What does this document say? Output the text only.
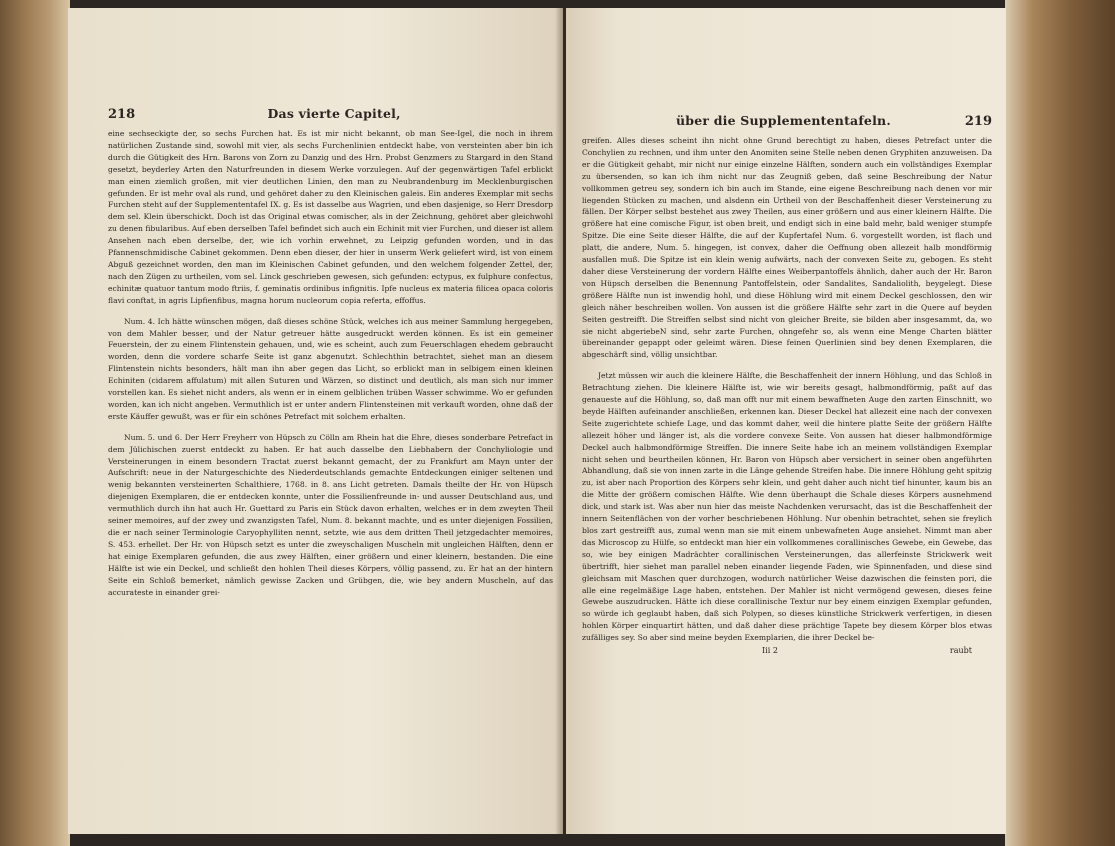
218	Das vierte Capitel,

eine sechseckigte der, so sechs Furchen hat. Es ist mir nicht bekannt, ob man See-Igel, die noch in ihrem natürlichen Zustande sind, sowohl mit vier, als sechs Furchenlinien entdeckt habe, von versteinten aber bin ich durch die Gütigkeit des Hrn. Barons von Zorn zu Danzig und des Hrn. Probst Genzmers zu Stargard in den Stand gesetzt, beyderley Arten den Naturfreunden in diesem Werke vorzulegen. Auf der gegenwärtigen Tafel erblickt man einen ziemlich großen, mit vier deutlichen Linien, den man zu Neubrandenburg im Mecklenburgischen gefunden. Er ist mehr oval als rund, und gehöret daher zu den Kleinischen galeis. Ein anderes Exemplar mit sechs Furchen steht auf der Supplemententafel IX. g. Es ist dasselbe aus Wagrien, und eben dasjenige, so Herr Dresdorp dem sel. Klein überschickt. Doch ist das Original etwas comischer, als in der Zeichnung, gehöret aber gleichwohl zu denen fibularibus. Auf eben derselben Tafel befindet sich auch ein Echinit mit vier Furchen, und dieser ist allem Ansehen nach eben derselbe, der, wie ich vorhin erwehnet, zu Leipzig gefunden worden, und in das Pfannenschmidische Cabinet gekommen. Denn eben dieser, der hier in unserm Werk geliefert wird, ist von einem Abguß gezeichnet worden, den man im Kleinischen Cabinet gefunden, und den welchem folgender Zettel, der, nach den Zügen zu urtheilen, vom sel. Linck geschrieben gewesen, sich gefunden: ectypus, ex fulphure confectus, echinitæ quatuor tantum modo ftriis, f. geminatis ordinibus infignitis. Ipfe nucleus ex materia filicea opaca coloris flavi conftat, in agris Lipfienfibus, magna horum nucleorum copia referta, effoffus.

Num. 4. Ich hätte wünschen mögen, daß dieses schöne Stück, welches ich aus meiner Sammlung hergegeben, von dem Mahler besser, und der Natur getreuer hätte ausgedruckt werden können. Es ist ein gemeiner Feuerstein, der zu einem Flintenstein gehauen, und, wie es scheint, auch zum Feuerschlagen ehedem gebraucht worden, denn die vordere scharfe Seite ist ganz abgenutzt. Schlechthin betrachtet, siehet man an diesem Flintenstein nichts besonders, hält man ihn aber gegen das Licht, so erblickt man in selbigem einen kleinen Echiniten (cidarem affulatum) mit allen Suturen und Wärzen, so distinct und deutlich, als man sich nur immer vorstellen kan. Es siehet nicht anders, als wenn er in einem gelblichen trüben Wasser schwimme. Wo er gefunden worden, kan ich nicht angeben. Vermuthlich ist er unter andern Flintensteinen mit verkauft worden, ohne daß der erste Käuffer gewußt, was er für ein schönes Petrefact mit solchem erhalten.

Num. 5. und 6. Der Herr Freyherr von Hüpsch zu Cölln am Rhein hat die Ehre, dieses sonderbare Petrefact in dem Jülichischen zuerst entdeckt zu haben. Er hat auch dasselbe den Liebhabern der Conchyliologie und Versteinerungen in einem besondern Tractat zuerst bekannt gemacht, der zu Frankfurt am Mayn unter der Aufschrift: neue in der Naturgeschichte des Niederdeutschlands gemachte Entdeckungen einiger seltenen und wenig bekannten versteinerten Schalthiere, 1768. in 8. ans Licht getreten. Damals theilte der Hr. von Hüpsch diejenigen Exemplaren, die er entdecken konnte, unter die Fossilienfreunde in- und ausser Deutschland aus, und vermuthlich durch ihn hat auch Hr. Guettard zu Paris ein Stück davon erhalten, welches er in dem zweyten Theil seiner memoires, auf der zwey und zwanzigsten Tafel, Num. 8. bekannt machte, und es unter diejenigen Fossilien, die er nach seiner Terminologie Caryophylliten nennt, setzte, wie aus dem dritten Theil jetzgedachter memoires, S. 453. erhellet. Der Hr. von Hüpsch setzt es unter die zweyschaligen Muscheln mit ungleichen Hälften, denn er hat einige Exemplaren gefunden, die aus zwey Hälften, einer größern und einer kleinern, bestanden. Die eine Hälfte ist wie ein Deckel, und schließt den hohlen Theil dieses Körpers, völlig passend, zu. Er hat an der hintern Seite ein Schloß bemerket, nämlich gewisse Zacken und Grübgen, die, wie bey andern Muscheln, auf das accurateste in einander grei-

über die Supplemententafeln.	219

greifen. Alles dieses scheint ihn nicht ohne Grund berechtigt zu haben, dieses Petrefact unter die Conchylien zu rechnen, und ihm unter den Anomiten seine Stelle neben denen Gryphiten anzuweisen. Da er die Gütigkeit gehabt, mir nicht nur einige einzelne Hälften, sondern auch ein vollständiges Exemplar zu übersenden, so kan ich ihm nicht nur das Zeugniß geben, daß seine Beschreibung der Natur vollkommen getreu sey, sondern ich bin auch im Stande, eine eigene Beschreibung nach denen vor mir liegenden Stücken zu machen, und alsdenn ein Urtheil von der Beschaffenheit dieser Versteinerung zu fällen. Der Körper selbst bestehet aus zwey Theilen, aus einer größern und aus einer kleinern Hälfte. Die größere hat eine comische Figur, ist oben breit, und endigt sich in eine bald mehr, bald weniger stumpfe Spitze. Die eine Seite dieser Hälfte, die auf der Kupfertafel Num. 6. vorgestellt worden, ist flach und platt, die andere, Num. 5. hingegen, ist convex, daher die Oeffnung oben allezeit halb mondförmig ausfallen muß. Die Spitze ist ein klein wenig aufwärts, nach der convexen Seite zu, gebogen. Es steht daher diese Versteinerung der vordern Hälfte eines Weiberpantoffels ähnlich, daher auch der Hr. Baron von Hüpsch derselben die Benennung Pantoffelstein, oder Sandalites, Sandaliolith, beygelegt. Diese größere Hälfte nun ist inwendig hohl, und diese Höhlung wird mit einem Deckel geschlossen, den wir gleich näher beschreiben wollen. Von aussen ist die größere Hälfte sehr zart in die Quere auf beyden Seiten gestreifft. Die Streiffen selbst sind nicht von gleicher Breite, sie bilden aber insgesammt, da, wo sie nicht abgeriebeN sind, sehr zarte Furchen, ohngefehr so, als wenn eine Menge Charten blätter übereinander gepappt oder geleimt wären. Diese feinen Querlinien sind bey denen Exemplaren, die abgeschärft sind, völlig unsichtbar.

Jetzt müssen wir auch die kleinere Hälfte, die Beschaffenheit der innern Höhlung, und das Schloß in Betrachtung ziehen. Die kleinere Hälfte ist, wie wir bereits gesagt, halbmondförmig, paßt auf das genaueste auf die Höhlung, so, daß man offt nur mit einem bewaffneten Auge den zarten Einschnitt, wo beyde Hälften aufeinander anschließen, erkennen kan. Dieser Deckel hat allezeit eine nach der convexen Seite zugerichtete schiefe Lage, und das kommt daher, weil die hintere platte Seite der größern Hälfte allezeit höher und länger ist, als die vordere convexe Seite. Von aussen hat dieser halbmondförmige Deckel auch halbmondförmige Streiffen. Die innere Seite habe ich an meinem vollständigen Exemplar nicht sehen und beurtheilen können, Hr. Baron von Hüpsch aber versichert in seiner oben angeführten Abhandlung, daß sie von innen zarte in die Länge gehende Streifen habe. Die innere Höhlung geht spitzig zu, ist aber nach Proportion des Körpers sehr klein, und geht daher auch nicht tief hinunter, kaum bis an die Mitte der größern comischen Hälfte. Wie denn überhaupt die Schale dieses Körpers ausnehmend dick, und stark ist. Was aber nun hier das meiste Nachdenken verursacht, das ist die Beschaffenheit der innern Seitenflächen von der vorher beschriebenen Höhlung. Nur obenhin betrachtet, sehen sie freylich blos zart gestreifft aus, zumal wenn man sie mit einem unbewafneten Auge ansiehet. Nimmt man aber das Microscop zu Hülfe, so entdeckt man hier ein vollkommenes corallinisches Gewebe, ein Gewebe, das so, wie bey einigen Madrächter corallinischen Versteinerungen, das allerfeinste Strickwerk weit übertrifft, hier siehet man parallel neben einander liegende Faden, wie Spinnenfaden, und diese sind gleichsam mit Maschen quer durchzogen, wodurch natürlicher Weise dazwischen die feinsten pori, die alle eine regelmäßige Lage haben, entstehen. Der Mahler ist nicht vermögend gewesen, dieses feine Gewebe auszudrucken. Hätte ich diese corallinische Textur nur bey einem einzigen Exemplar gefunden, so würde ich geglaubt haben, daß sich Polypen, so dieses künstliche Strickwerk verfertigen, in diesen hohlen Körper einquartirt hätten, und daß daher diese prächtige Tapete bey diesem Körper blos etwas zufälliges sey. So aber sind meine beyden Exemplarien, die ihrer Deckel be-

Iii 2	raubt
